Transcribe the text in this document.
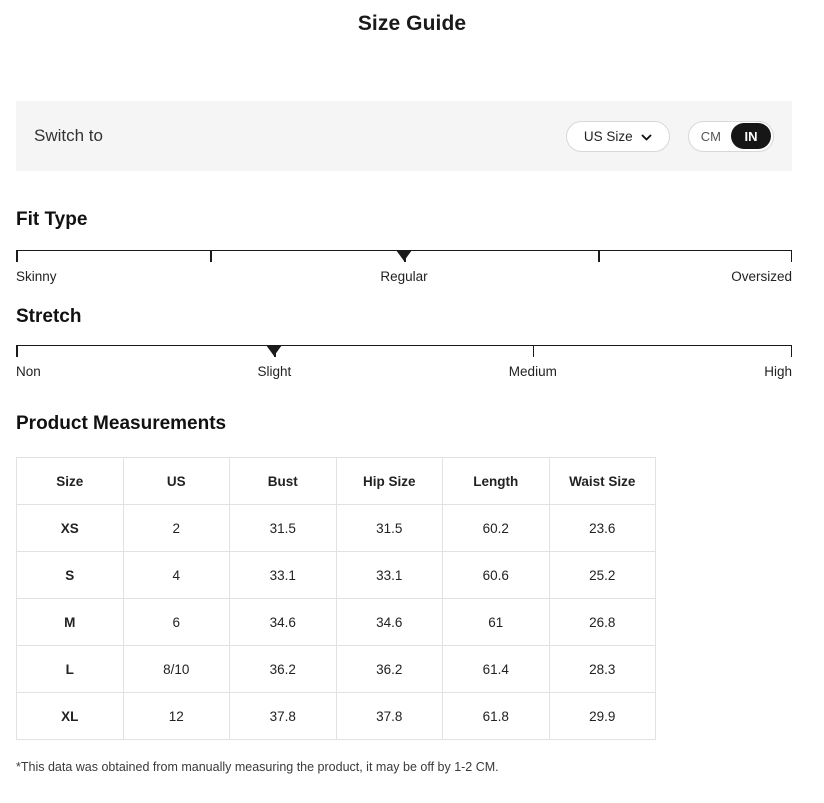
Size Guide
Switch to	US Size	CM	IN
Fit Type
Skinny	Regular	Oversized
Stretch
Non	Slight	Medium	High
Product Measurements
Size	US	Bust	Hip Size	Length	Waist Size
XS	2	31.5	31.5	60.2	23.6
S	4	33.1	33.1	60.6	25.2
M	6	34.6	34.6	61	26.8
L	8/10	36.2	36.2	61.4	28.3
XL	12	37.8	37.8	61.8	29.9
*This data was obtained from manually measuring the product, it may be off by 1-2 CM.
